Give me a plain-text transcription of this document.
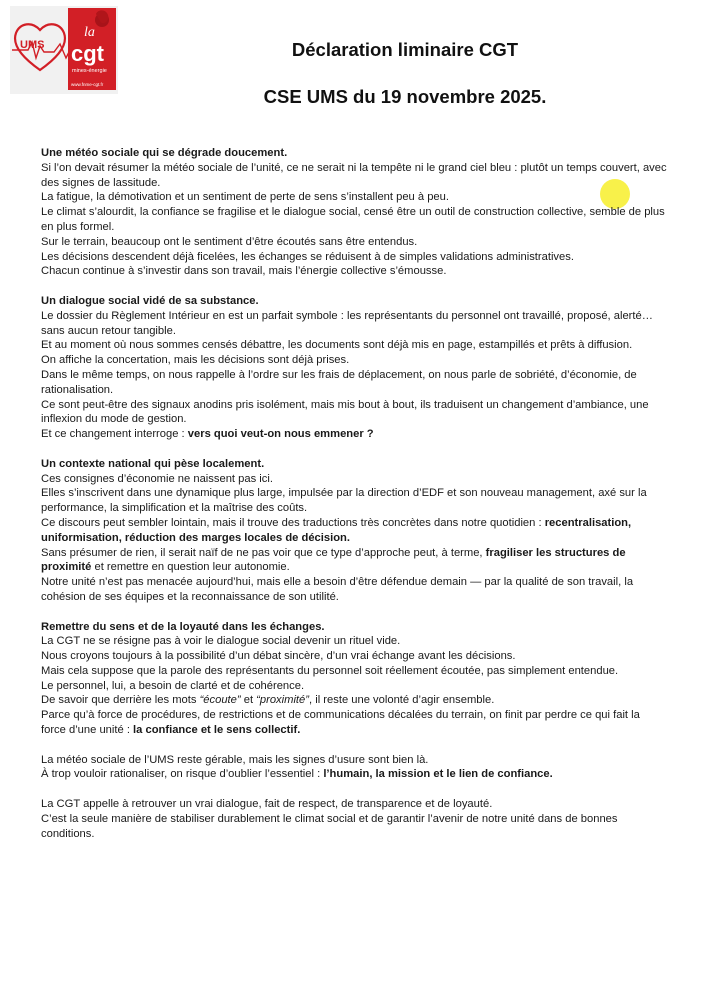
UMS
la
cgt
mines-énergie
www.fnme-cgt.fr
Déclaration liminaire CGT
CSE UMS du 19 novembre 2025.

Une météo sociale qui se dégrade doucement.

Si l’on devait résumer la météo sociale de l’unité, ce ne serait ni la tempête ni le grand ciel bleu : plutôt un temps couvert, avec des signes de lassitude.

La fatigue, la démotivation et un sentiment de perte de sens s’installent peu à peu.

Le climat s’alourdit, la confiance se fragilise et le dialogue social, censé être un outil de construction collective, semble de plus en plus formel.

Sur le terrain, beaucoup ont le sentiment d’être écoutés sans être entendus.

Les décisions descendent déjà ficelées, les échanges se réduisent à de simples validations administratives.

Chacun continue à s’investir dans son travail, mais l’énergie collective s’émousse.

Un dialogue social vidé de sa substance.

Le dossier du Règlement Intérieur en est un parfait symbole : les représentants du personnel ont travaillé, proposé, alerté… sans aucun retour tangible.

Et au moment où nous sommes censés débattre, les documents sont déjà mis en page, estampillés et prêts à diffusion.

On affiche la concertation, mais les décisions sont déjà prises.

Dans le même temps, on nous rappelle à l’ordre sur les frais de déplacement, on nous parle de sobriété, d’économie, de rationalisation.

Ce sont peut-être des signaux anodins pris isolément, mais mis bout à bout, ils traduisent un changement d’ambiance, une inflexion du mode de gestion.

Et ce changement interroge : vers quoi veut-on nous emmener ?

Un contexte national qui pèse localement.

Ces consignes d’économie ne naissent pas ici.

Elles s’inscrivent dans une dynamique plus large, impulsée par la direction d’EDF et son nouveau management, axé sur la performance, la simplification et la maîtrise des coûts.

Ce discours peut sembler lointain, mais il trouve des traductions très concrètes dans notre quotidien : recentralisation, uniformisation, réduction des marges locales de décision.

Sans présumer de rien, il serait naïf de ne pas voir que ce type d’approche peut, à terme, fragiliser les structures de proximité et remettre en question leur autonomie.

Notre unité n’est pas menacée aujourd’hui, mais elle a besoin d’être défendue demain — par la qualité de son travail, la cohésion de ses équipes et la reconnaissance de son utilité.

Remettre du sens et de la loyauté dans les échanges.

La CGT ne se résigne pas à voir le dialogue social devenir un rituel vide.

Nous croyons toujours à la possibilité d’un débat sincère, d’un vrai échange avant les décisions.

Mais cela suppose que la parole des représentants du personnel soit réellement écoutée, pas simplement entendue.

Le personnel, lui, a besoin de clarté et de cohérence.

De savoir que derrière les mots “écoute” et “proximité”, il reste une volonté d’agir ensemble.

Parce qu’à force de procédures, de restrictions et de communications décalées du terrain, on finit par perdre ce qui fait la force d’une unité : la confiance et le sens collectif.

La météo sociale de l’UMS reste gérable, mais les signes d’usure sont bien là.

À trop vouloir rationaliser, on risque d’oublier l’essentiel : l’humain, la mission et le lien de confiance.

La CGT appelle à retrouver un vrai dialogue, fait de respect, de transparence et de loyauté.

C’est la seule manière de stabiliser durablement le climat social et de garantir l’avenir de notre unité dans de bonnes conditions.
